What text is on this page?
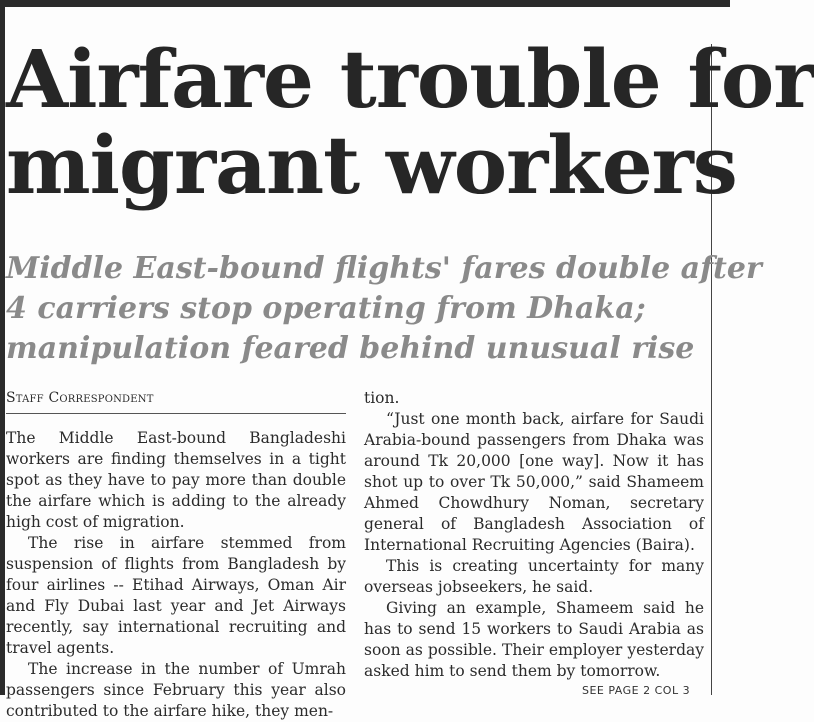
Airfare trouble for
migrant workers
Middle East-bound flights' fares double after
4 carriers stop operating from Dhaka;
manipulation feared behind unusual rise
Staff Correspondent

The Middle East-bound Bangladeshi workers are finding themselves in a tight spot as they have to pay more than double the airfare which is adding to the already high cost of migration.

The rise in airfare stemmed from suspension of flights from Bangladesh by four airlines -- Etihad Airways, Oman Air and Fly Dubai last year and Jet Airways recently, say international recruiting and travel agents.

The increase in the number of Umrah passengers since February this year also contributed to the airfare hike, they men-

tion.

“Just one month back, airfare for Saudi Arabia-bound passengers from Dhaka was around Tk 20,000 [one way]. Now it has shot up to over Tk 50,000,” said Shameem Ahmed Chowdhury Noman, secretary general of Bangladesh Association of International Recruiting Agencies (Baira).

This is creating uncertainty for many overseas jobseekers, he said.

Giving an example, Shameem said he has to send 15 workers to Saudi Arabia as soon as possible. Their employer yesterday asked him to send them by tomorrow.

SEE PAGE 2 COL 3
